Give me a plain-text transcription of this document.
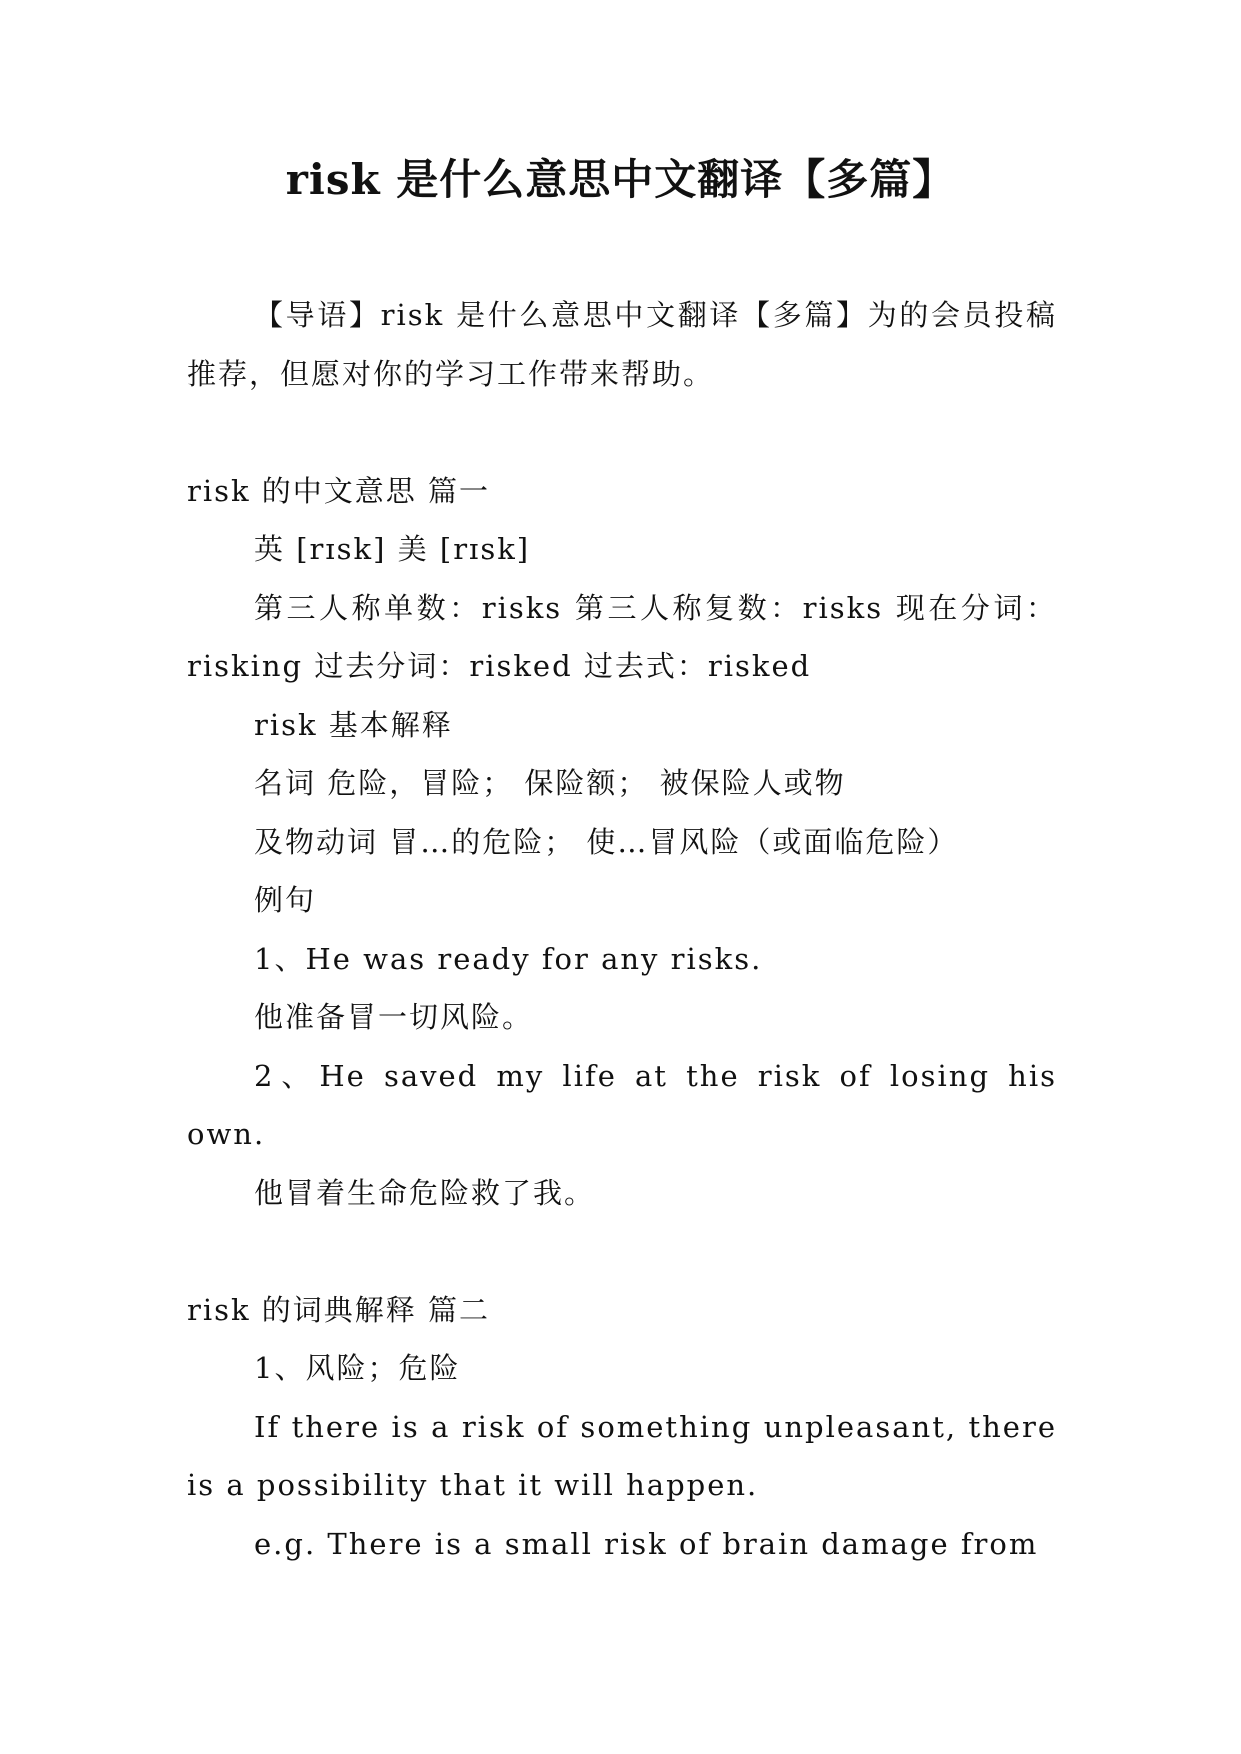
risk 是什么意思中文翻译【多篇】

【导语】risk 是什么意思中文翻译【多篇】为的会员投稿推荐，但愿对你的学习工作带来帮助。

risk 的中文意思 篇一

英 [rɪsk] 美 [rɪsk]

第三人称单数：risks 第三人称复数：risks 现在分词：risking 过去分词：risked 过去式：risked

risk 基本解释

名词 危险，冒险； 保险额； 被保险人或物

及物动词 冒…的危险； 使…冒风险（或面临危险）

例句

1、He was ready for any risks.

他准备冒一切风险。

2、He saved my life at the risk of losing his own.

他冒着生命危险救了我。

risk 的词典解释 篇二

1、风险；危险

If there is a risk of something unpleasant, there is a possibility that it will happen.

e.g. There is a small risk of brain damage from
